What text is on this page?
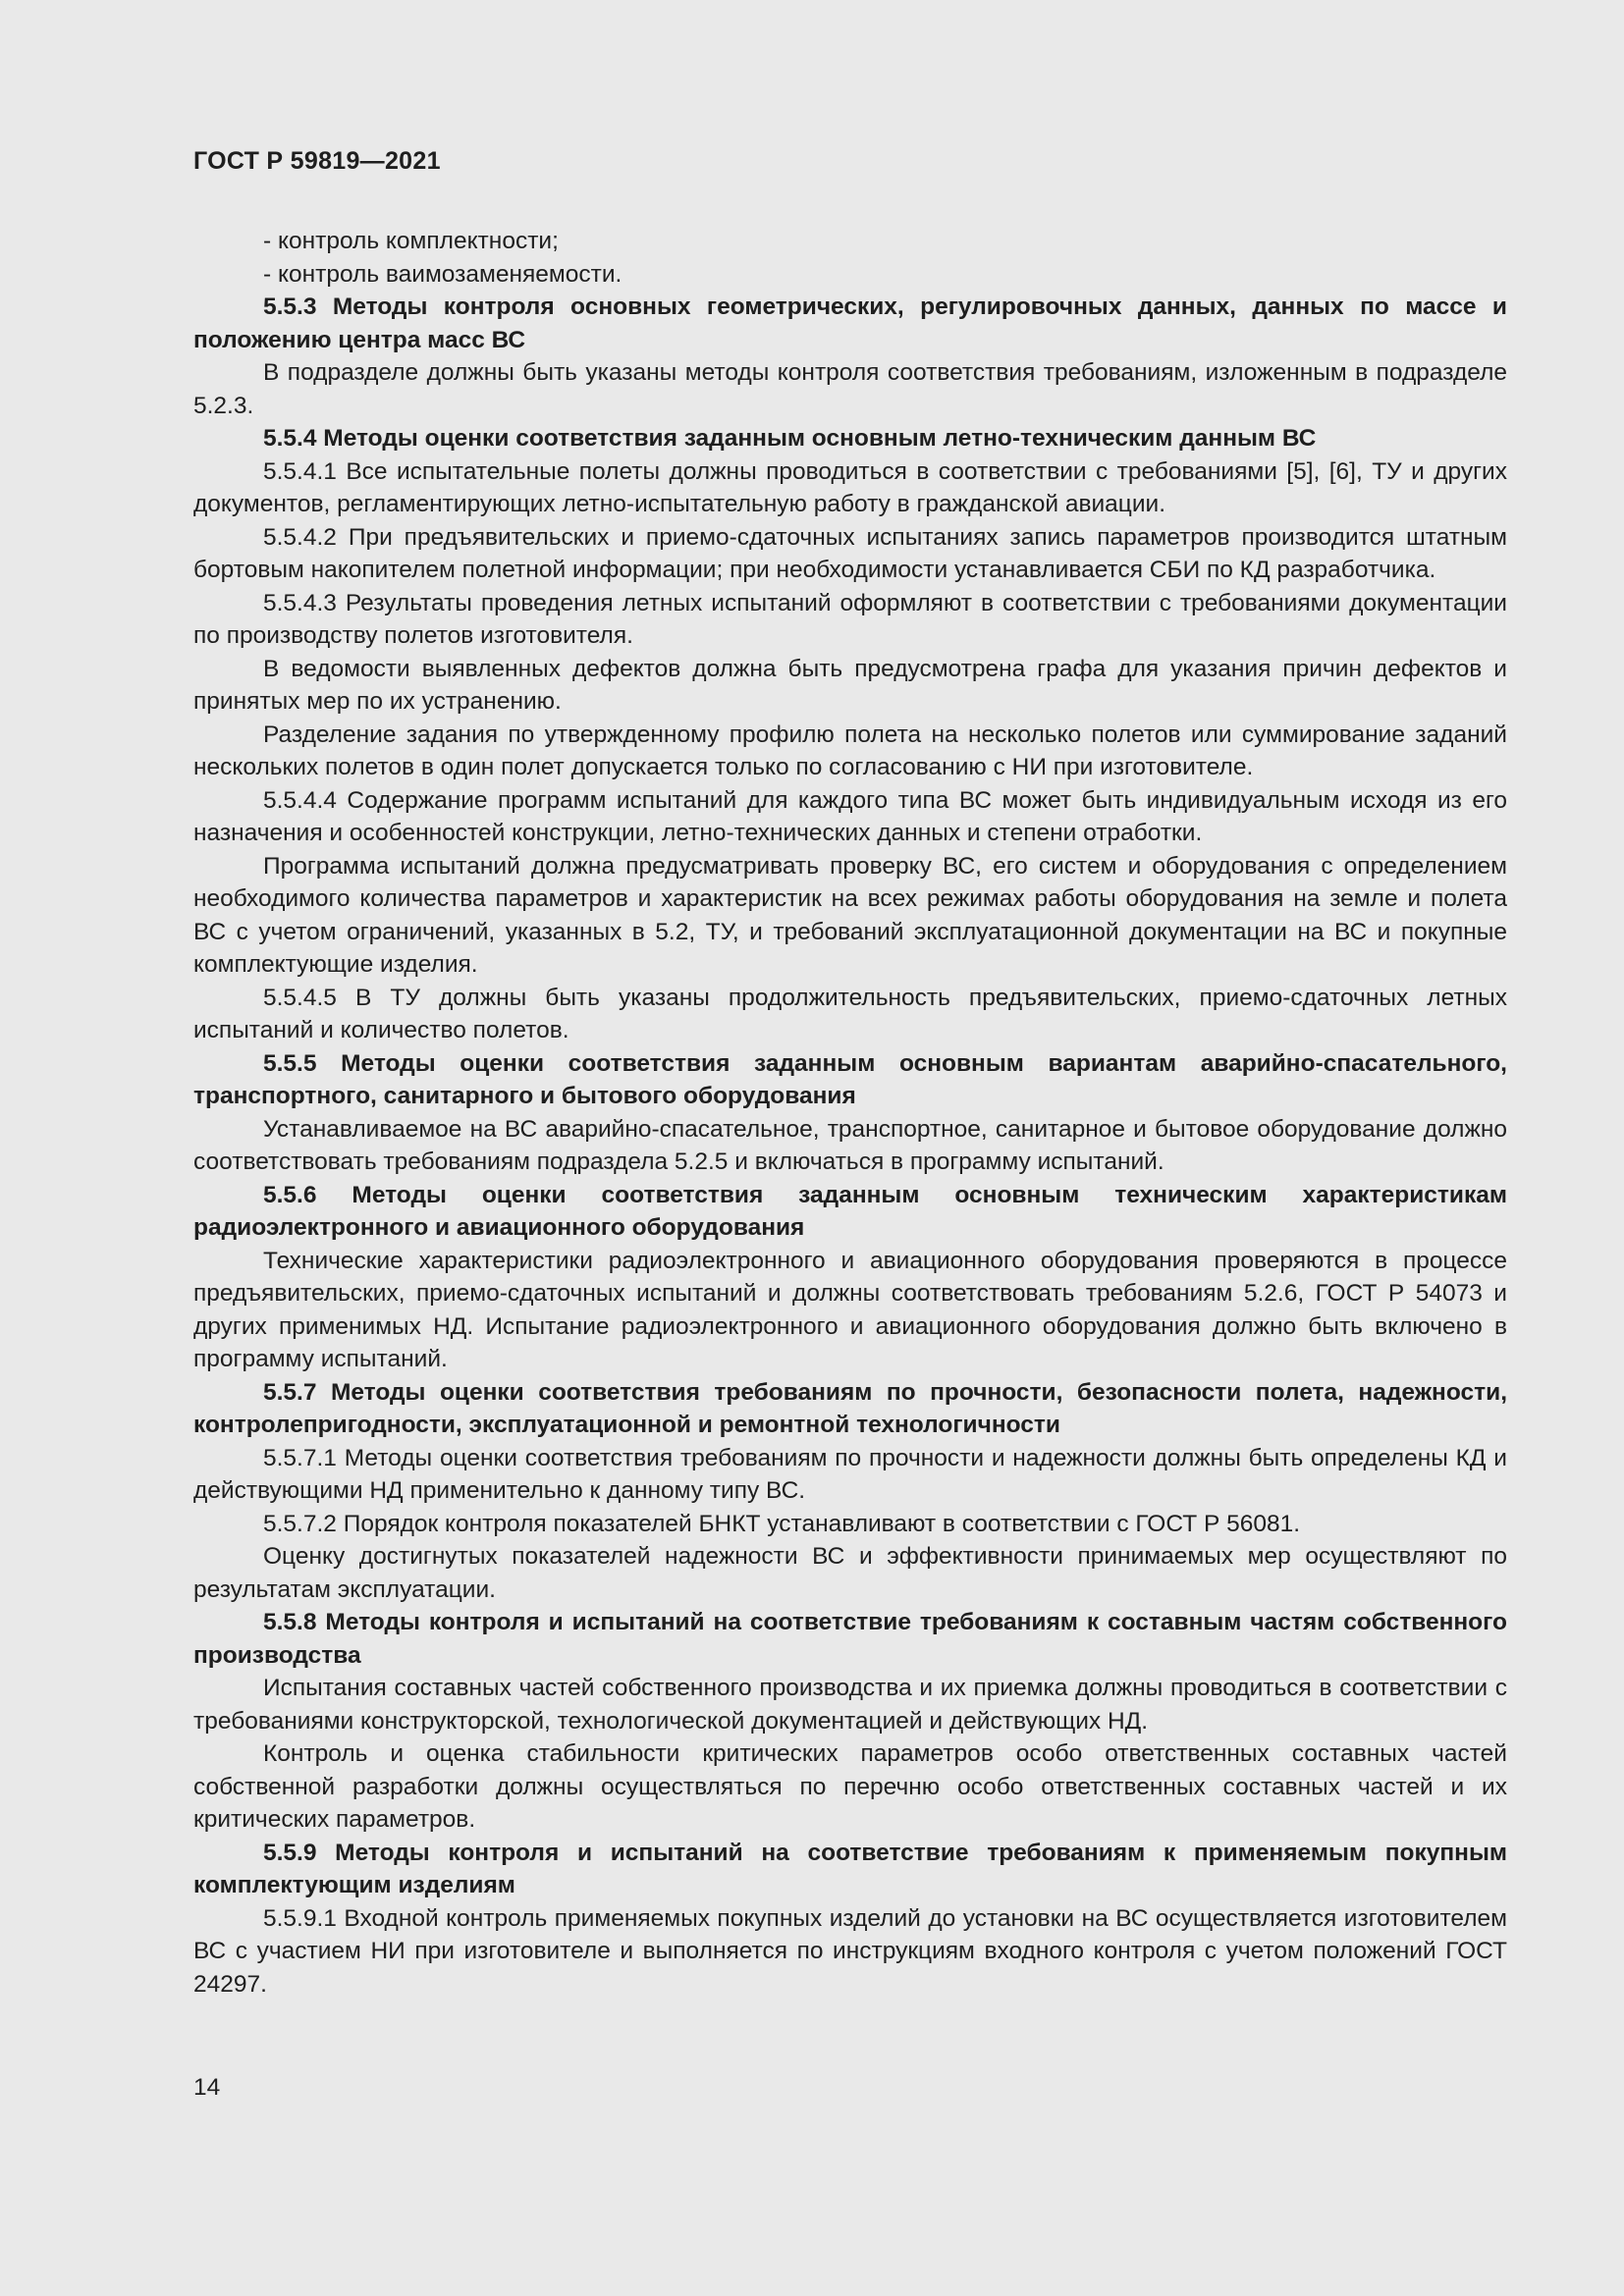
ГОСТ Р 59819—2021

- контроль комплектности;

- контроль ваимозаменяемости.

5.5.3 Методы контроля основных геометрических, регулировочных данных, данных по массе и положению центра масс ВС

В подразделе должны быть указаны методы контроля соответствия требованиям, изложенным в подразделе 5.2.3.

5.5.4 Методы оценки соответствия заданным основным летно-техническим данным ВС

5.5.4.1 Все испытательные полеты должны проводиться в соответствии с требованиями [5], [6], ТУ и других документов, регламентирующих летно-испытательную работу в гражданской авиации.

5.5.4.2 При предъявительских и приемо-сдаточных испытаниях запись параметров производится штатным бортовым накопителем полетной информации; при необходимости устанавливается СБИ по КД разработчика.

5.5.4.3 Результаты проведения летных испытаний оформляют в соответствии с требованиями документации по производству полетов изготовителя.

В ведомости выявленных дефектов должна быть предусмотрена графа для указания причин дефектов и принятых мер по их устранению.

Разделение задания по утвержденному профилю полета на несколько полетов или суммирование заданий нескольких полетов в один полет допускается только по согласованию с НИ при изготовителе.

5.5.4.4 Содержание программ испытаний для каждого типа ВС может быть индивидуальным исходя из его назначения и особенностей конструкции, летно-технических данных и степени отработки.

Программа испытаний должна предусматривать проверку ВС, его систем и оборудования с определением необходимого количества параметров и характеристик на всех режимах работы оборудования на земле и полета ВС с учетом ограничений, указанных в 5.2, ТУ, и требований эксплуатационной документации на ВС и покупные комплектующие изделия.

5.5.4.5 В ТУ должны быть указаны продолжительность предъявительских, приемо-сдаточных летных испытаний и количество полетов.

5.5.5 Методы оценки соответствия заданным основным вариантам аварийно-спасательного, транспортного, санитарного и бытового оборудования

Устанавливаемое на ВС аварийно-спасательное, транспортное, санитарное и бытовое оборудование должно соответствовать требованиям подраздела 5.2.5 и включаться в программу испытаний.

5.5.6 Методы оценки соответствия заданным основным техническим характеристикам радиоэлектронного и авиационного оборудования

Технические характеристики радиоэлектронного и авиационного оборудования проверяются в процессе предъявительских, приемо-сдаточных испытаний и должны соответствовать требованиям 5.2.6, ГОСТ Р 54073 и других применимых НД. Испытание радиоэлектронного и авиационного оборудования должно быть включено в программу испытаний.

5.5.7 Методы оценки соответствия требованиям по прочности, безопасности полета, надежности, контролепригодности, эксплуатационной и ремонтной технологичности

5.5.7.1 Методы оценки соответствия требованиям по прочности и надежности должны быть определены КД и действующими НД применительно к данному типу ВС.

5.5.7.2 Порядок контроля показателей БНКТ устанавливают в соответствии с ГОСТ Р 56081.

Оценку достигнутых показателей надежности ВС и эффективности принимаемых мер осуществляют по результатам эксплуатации.

5.5.8 Методы контроля и испытаний на соответствие требованиям к составным частям собственного производства

Испытания составных частей собственного производства и их приемка должны проводиться в соответствии с требованиями конструкторской, технологической документацией и действующих НД.

Контроль и оценка стабильности критических параметров особо ответственных составных частей собственной разработки должны осуществляться по перечню особо ответственных составных частей и их критических параметров.

5.5.9 Методы контроля и испытаний на соответствие требованиям к применяемым покупным комплектующим изделиям

5.5.9.1 Входной контроль применяемых покупных изделий до установки на ВС осуществляется изготовителем ВС с участием НИ при изготовителе и выполняется по инструкциям входного контроля с учетом положений ГОСТ 24297.

14
